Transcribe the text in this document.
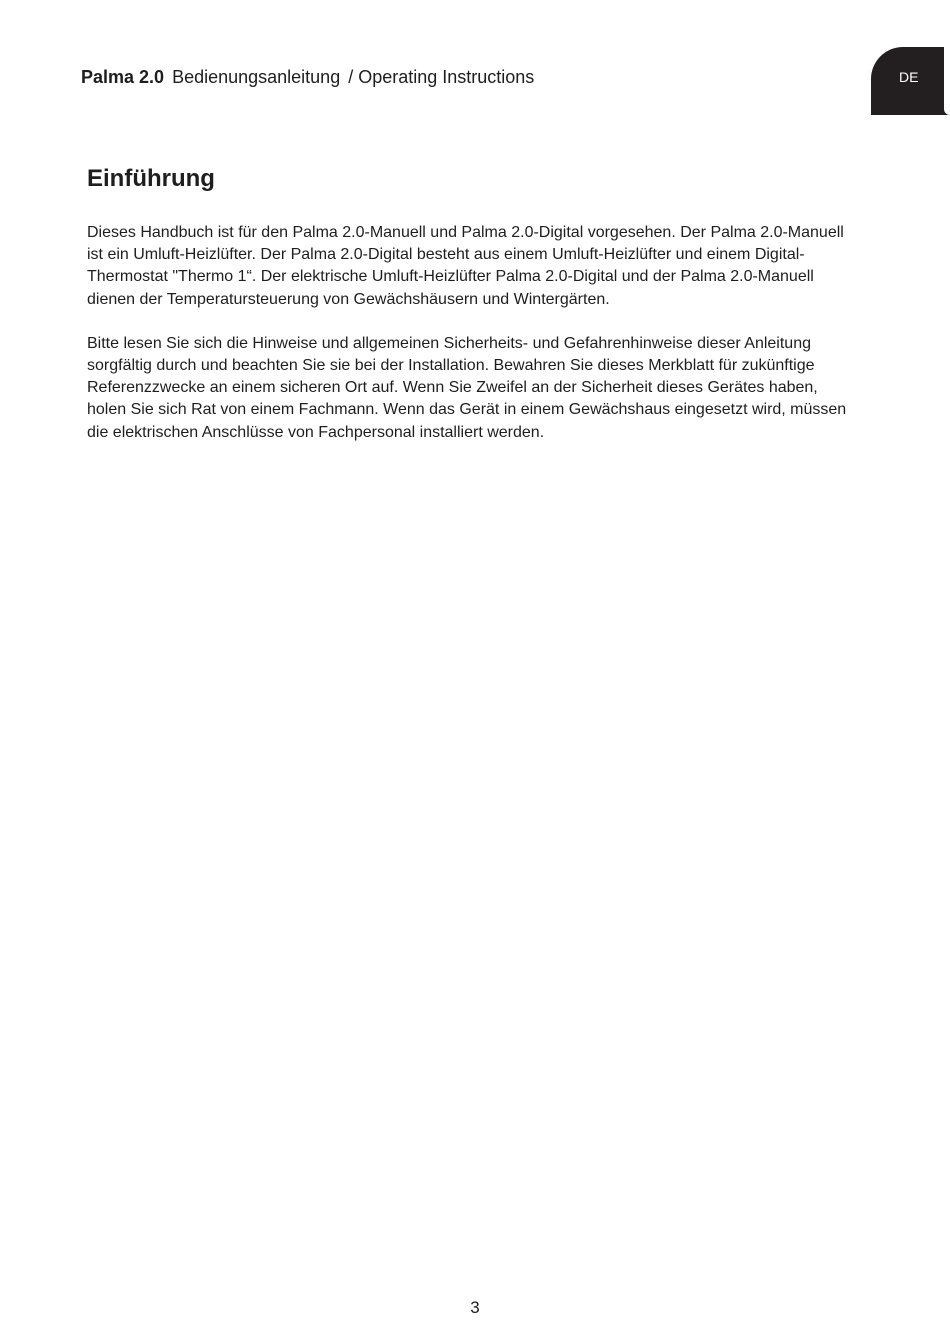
Palma 2.0 Bedienungsanleitung / Operating Instructions	DE
Einführung

Dieses Handbuch ist für den Palma 2.0-Manuell und Palma 2.0-Digital vorgesehen. Der Palma 2.0-Manuell ist ein Umluft-Heizlüfter. Der Palma 2.0-Digital besteht aus einem Umluft-Heizlüfter und einem Digital-Thermostat "Thermo 1“. Der elektrische Umluft-Heizlüfter Palma 2.0-Digital und der Palma 2.0-Manuell dienen der Temperatursteuerung von Gewächshäusern und Wintergärten.

Bitte lesen Sie sich die Hinweise und allgemeinen Sicherheits- und Gefahrenhinweise dieser Anleitung sorgfältig durch und beachten Sie sie bei der Installation. Bewahren Sie dieses Merkblatt für zukünftige Referenzzwecke an einem sicheren Ort auf. Wenn Sie Zweifel an der Sicherheit dieses Gerätes haben, holen Sie sich Rat von einem Fachmann. Wenn das Gerät in einem Gewächshaus eingesetzt wird, müssen die elektrischen Anschlüsse von Fachpersonal installiert werden.

3
